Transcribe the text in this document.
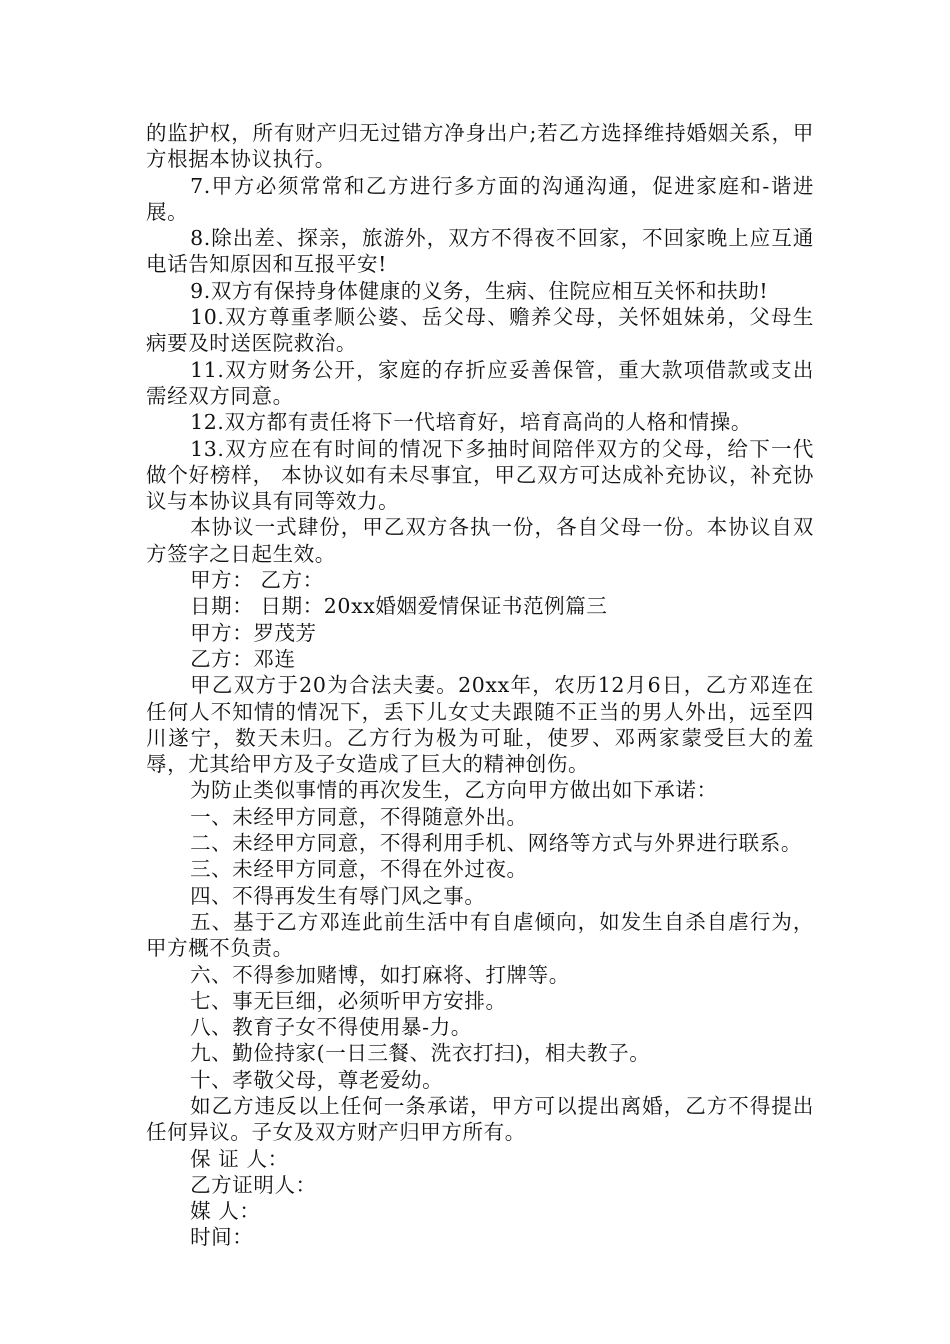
的监护权，所有财产归无过错方净身出户;若乙方选择维持婚姻关系，甲方根据本协议执行。

7.甲方必须常常和乙方进行多方面的沟通沟通，促进家庭和-谐进展。

8.除出差、探亲，旅游外，双方不得夜不回家，不回家晚上应互通电话告知原因和互报平安!

9.双方有保持身体健康的义务，生病、住院应相互关怀和扶助!

10.双方尊重孝顺公婆、岳父母、赡养父母，关怀姐妹弟，父母生病要及时送医院救治。

11.双方财务公开，家庭的存折应妥善保管，重大款项借款或支出需经双方同意。

12.双方都有责任将下一代培育好，培育高尚的人格和情操。

13.双方应在有时间的情况下多抽时间陪伴双方的父母，给下一代做个好榜样， 本协议如有未尽事宜，甲乙双方可达成补充协议，补充协议与本协议具有同等效力。

本协议一式肆份，甲乙双方各执一份，各自父母一份。本协议自双方签字之日起生效。

甲方： 乙方：

日期： 日期：20xx婚姻爱情保证书范例篇三

甲方：罗茂芳

乙方：邓连

甲乙双方于20为合法夫妻。20xx年，农历12月6日，乙方邓连在任何人不知情的情况下，丢下儿女丈夫跟随不正当的男人外出，远至四川遂宁，数天未归。乙方行为极为可耻，使罗、邓两家蒙受巨大的羞辱，尤其给甲方及子女造成了巨大的精神创伤。

为防止类似事情的再次发生，乙方向甲方做出如下承诺：

一、未经甲方同意，不得随意外出。

二、未经甲方同意，不得利用手机、网络等方式与外界进行联系。

三、未经甲方同意，不得在外过夜。

四、不得再发生有辱门风之事。

五、基于乙方邓连此前生活中有自虐倾向，如发生自杀自虐行为，甲方概不负责。

六、不得参加赌博，如打麻将、打牌等。

七、事无巨细，必须听甲方安排。

八、教育子女不得使用暴-力。

九、勤俭持家(一日三餐、洗衣打扫)，相夫教子。

十、孝敬父母，尊老爱幼。

如乙方违反以上任何一条承诺，甲方可以提出离婚，乙方不得提出任何异议。子女及双方财产归甲方所有。

保 证 人：

乙方证明人：

媒 人：

时间：
